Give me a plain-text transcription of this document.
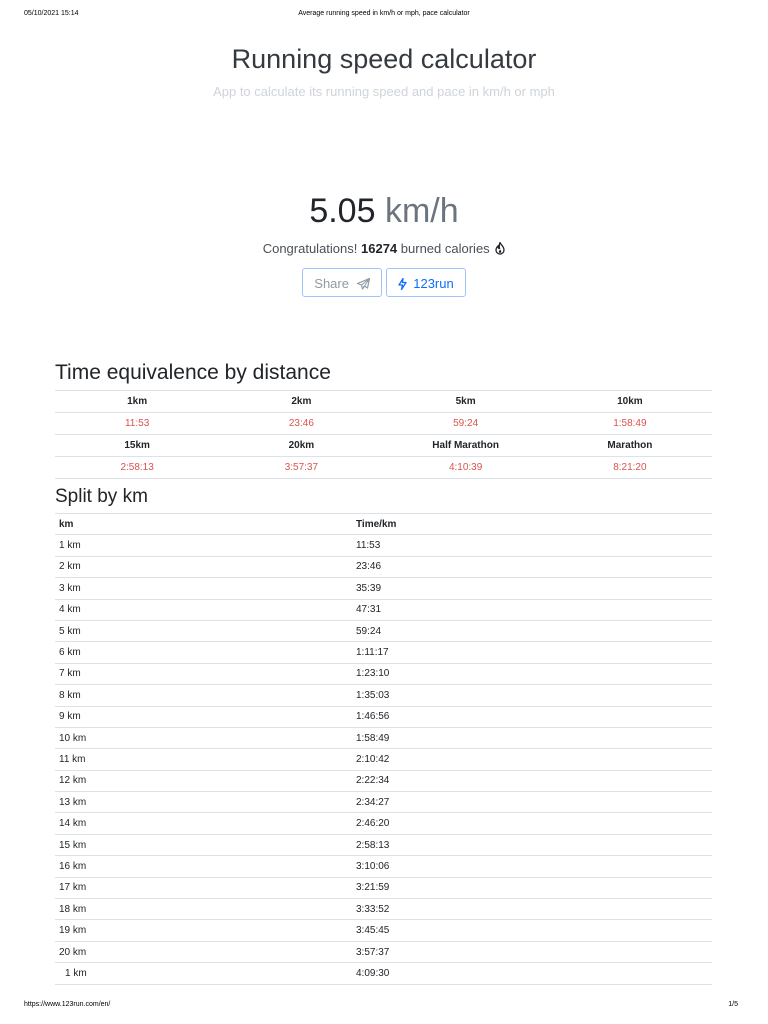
05/10/2021 15:14	Average running speed in km/h or mph, pace calculator
Running speed calculator
App to calculate its running speed and pace in km/h or mph
5.05 km/h
Congratulations! 16274 burned calories
Share	123run
Time equivalence by distance
1km	2km	5km	10km
11:53	23:46	59:24	1:58:49
15km	20km	Half Marathon	Marathon
2:58:13	3:57:37	4:10:39	8:21:20
Split by km
km	Time/km
1 km	11:53
2 km	23:46
3 km	35:39
4 km	47:31
5 km	59:24
6 km	1:11:17
7 km	1:23:10
8 km	1:35:03
9 km	1:46:56
10 km	1:58:49
11 km	2:10:42
12 km	2:22:34
13 km	2:34:27
14 km	2:46:20
15 km	2:58:13
16 km	3:10:06
17 km	3:21:59
18 km	3:33:52
19 km	3:45:45
20 km	3:57:37
1 km	4:09:30
https://www.123run.com/en/	1/5
